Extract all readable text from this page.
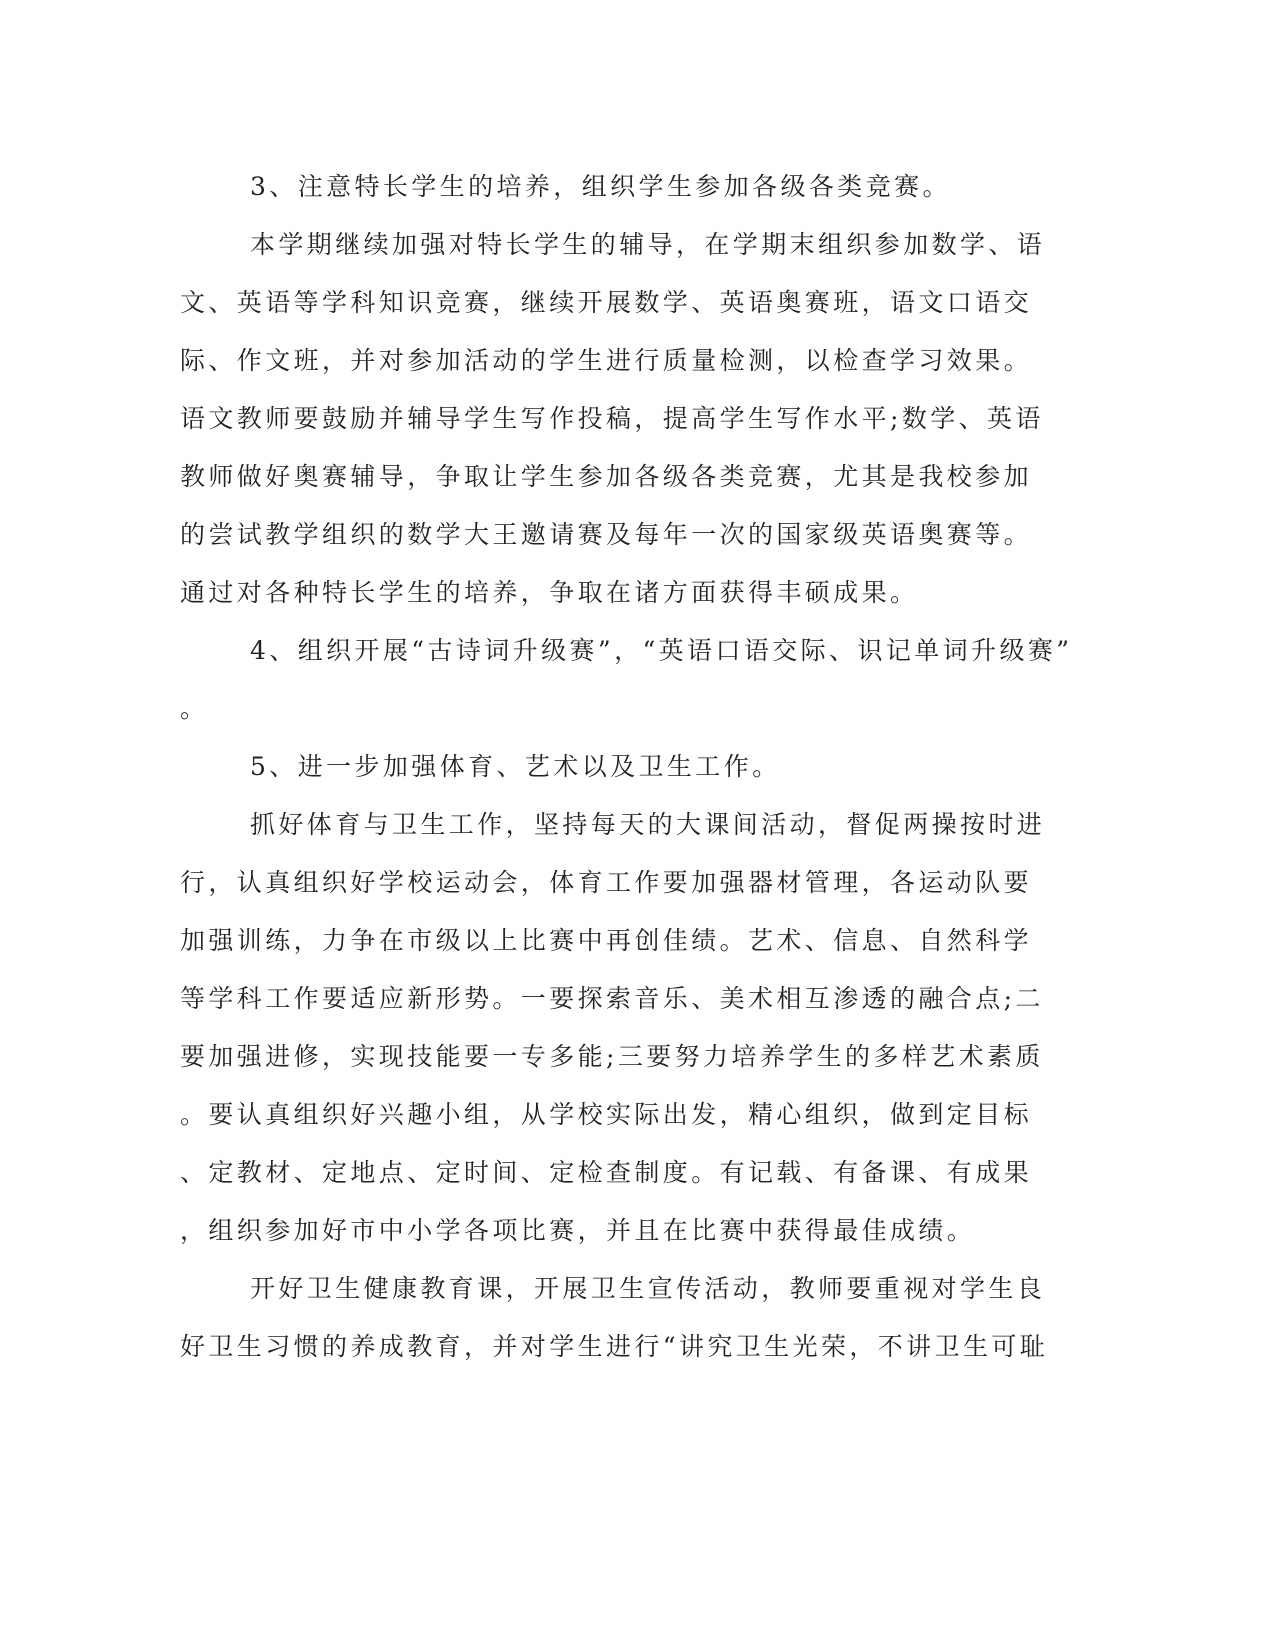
3、注意特长学生的培养，组织学生参加各级各类竞赛。

本学期继续加强对特长学生的辅导，在学期末组织参加数学、语

文、英语等学科知识竞赛，继续开展数学、英语奥赛班，语文口语交

际、作文班，并对参加活动的学生进行质量检测，以检查学习效果。

语文教师要鼓励并辅导学生写作投稿，提高学生写作水平;数学、英语

教师做好奥赛辅导，争取让学生参加各级各类竞赛，尤其是我校参加

的尝试教学组织的数学大王邀请赛及每年一次的国家级英语奥赛等。

通过对各种特长学生的培养，争取在诸方面获得丰硕成果。

4、组织开展“古诗词升级赛”，“英语口语交际、识记单词升级赛”

。

5、进一步加强体育、艺术以及卫生工作。

抓好体育与卫生工作，坚持每天的大课间活动，督促两操按时进

行，认真组织好学校运动会，体育工作要加强器材管理，各运动队要

加强训练，力争在市级以上比赛中再创佳绩。艺术、信息、自然科学

等学科工作要适应新形势。一要探索音乐、美术相互渗透的融合点;二

要加强进修，实现技能要一专多能;三要努力培养学生的多样艺术素质

。要认真组织好兴趣小组，从学校实际出发，精心组织，做到定目标

、定教材、定地点、定时间、定检查制度。有记载、有备课、有成果

，组织参加好市中小学各项比赛，并且在比赛中获得最佳成绩。

开好卫生健康教育课，开展卫生宣传活动，教师要重视对学生良

好卫生习惯的养成教育，并对学生进行“讲究卫生光荣，不讲卫生可耻
